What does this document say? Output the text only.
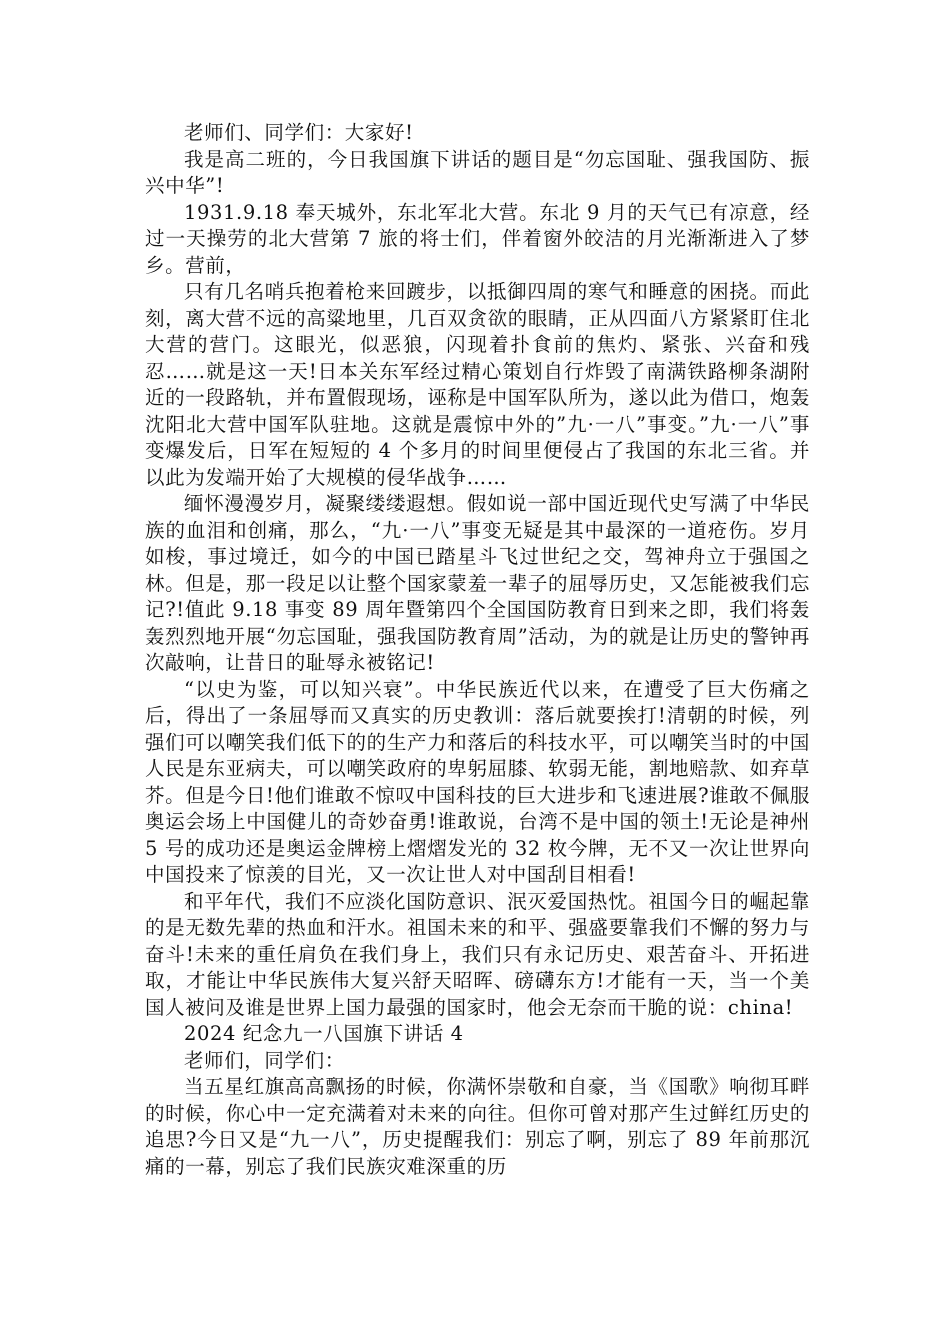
老师们、同学们：大家好!

我是高二班的，今日我国旗下讲话的题目是“勿忘国耻、强我国防、振兴中华”!

1931.9.18 奉天城外，东北军北大营。东北 9 月的天气已有凉意，经过一天操劳的北大营第 7 旅的将士们，伴着窗外皎洁的月光渐渐进入了梦乡。营前，

只有几名哨兵抱着枪来回踱步，以抵御四周的寒气和睡意的困挠。而此刻，离大营不远的高粱地里，几百双贪欲的眼睛，正从四面八方紧紧盯住北大营的营门。这眼光，似恶狼，闪现着扑食前的焦灼、紧张、兴奋和残忍……就是这一天!日本关东军经过精心策划自行炸毁了南满铁路柳条湖附近的一段路轨，并布置假现场，诬称是中国军队所为，遂以此为借口，炮轰沈阳北大营中国军队驻地。这就是震惊中外的”九·一八”事变。”九·一八”事变爆发后，日军在短短的 4 个多月的时间里便侵占了我国的东北三省。并以此为发端开始了大规模的侵华战争……

缅怀漫漫岁月，凝聚缕缕遐想。假如说一部中国近现代史写满了中华民族的血泪和创痛，那么，“九·一八”事变无疑是其中最深的一道疮伤。岁月如梭，事过境迁，如今的中国已踏星斗飞过世纪之交，驾神舟立于强国之林。但是，那一段足以让整个国家蒙羞一辈子的屈辱历史，又怎能被我们忘记?!值此 9.18 事变 89 周年暨第四个全国国防教育日到来之即，我们将轰轰烈烈地开展“勿忘国耻，强我国防教育周”活动，为的就是让历史的警钟再次敲响，让昔日的耻辱永被铭记!

“以史为鉴，可以知兴衰”。中华民族近代以来，在遭受了巨大伤痛之后，得出了一条屈辱而又真实的历史教训：落后就要挨打!清朝的时候，列强们可以嘲笑我们低下的的生产力和落后的科技水平，可以嘲笑当时的中国人民是东亚病夫，可以嘲笑政府的卑躬屈膝、软弱无能，割地赔款、如弃草芥。但是今日!他们谁敢不惊叹中国科技的巨大进步和飞速进展?谁敢不佩服奥运会场上中国健儿的奇妙奋勇!谁敢说，台湾不是中国的领土!无论是神州 5 号的成功还是奥运金牌榜上熠熠发光的 32 枚今牌，无不又一次让世界向中国投来了惊羡的目光，又一次让世人对中国刮目相看!

和平年代，我们不应淡化国防意识、泯灭爱国热忱。祖国今日的崛起靠的是无数先辈的热血和汗水。祖国未来的和平、强盛要靠我们不懈的努力与奋斗!未来的重任肩负在我们身上，我们只有永记历史、艰苦奋斗、开拓进取，才能让中华民族伟大复兴舒天昭晖、磅礴东方!才能有一天，当一个美国人被问及谁是世界上国力最强的国家时，他会无奈而干脆的说：china!

2024 纪念九一八国旗下讲话 4

老师们，同学们：

当五星红旗高高飘扬的时候，你满怀崇敬和自豪，当《国歌》响彻耳畔的时候，你心中一定充满着对未来的向往。但你可曾对那产生过鲜红历史的追思?今日又是“九一八”，历史提醒我们：别忘了啊，别忘了 89 年前那沉痛的一幕，别忘了我们民族灾难深重的历
